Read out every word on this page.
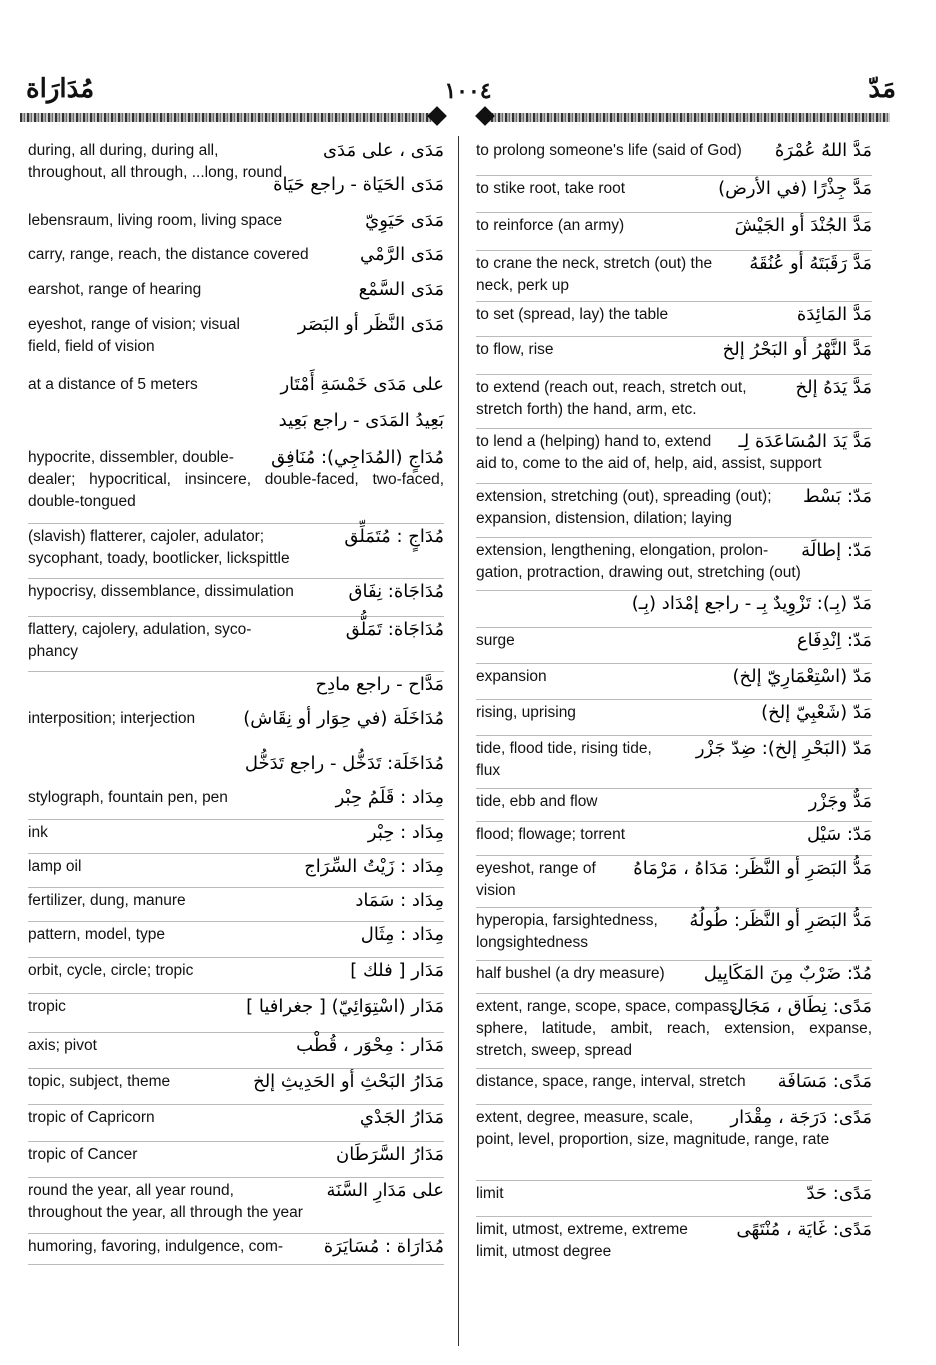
مُدَارَاة	١٠٠٤	مَدّ
مَدَى ، على مَدَى
during, all during, during all,
throughout, all through, ...long, round
مَدَى الحَيَاة - راجع حَيَاة
مَدَى حَيَوِيّ
lebensraum, living room, living space
مَدَى الرَّمْي
carry, range, reach, the distance covered
مَدَى السَّمْع
earshot, range of hearing
مَدَى النَّظَر أو البَصَر
eyeshot, range of vision; visual
field, field of vision
على مَدَى خَمْسَةِ أَمْتَار
at a distance of 5 meters
بَعِيدُ المَدَى - راجع بَعِيد
مُدَاجٍ (المُدَاجِي): مُنَافِق
hypocrite, dissembler, double-
dealer; hypocritical, insincere, double-faced, two-faced, double-tongued
مُدَاجٍ : مُتَمَلِّق
(slavish) flatterer, cajoler, adulator;
sycophant, toady, bootlicker, lickspittle
مُدَاجَاة: نِفَاق
hypocrisy, dissemblance, dissimulation
مُدَاجَاة: تَمَلُّق
flattery, cajolery, adulation, syco-
phancy
مَدَّاح - راجع مادِح
مُدَاخَلَة (في حِوَار أو نِقَاش)
interposition; interjection
مُدَاخَلَة: تَدَخُّل - راجع تَدَخُّل
مِدَاد : قَلَمُ حِبْر
stylograph, fountain pen, pen
مِدَاد : حِبْر
ink
مِدَاد : زَيْتُ السِّرَاج
lamp oil
مِدَاد : سَمَاد
fertilizer, dung, manure
مِدَاد : مِثَال
pattern, model, type
مَدَار [ فلك ]
orbit, cycle, circle; tropic
مَدَار (اسْتِوَائِيّ) [ جغرافيا ]
tropic
مَدَار : مِحْوَر ، قُطْب
axis; pivot
مَدَارُ البَحْثِ أو الحَدِيثِ إلخ
topic, subject, theme
مَدَارُ الجَدْي
tropic of Capricorn
مَدَارُ السَّرَطَان
tropic of Cancer
على مَدَارِ السَّنَة
round the year, all year round,
throughout the year, all through the year
مُدَارَاة : مُسَايَرَة
humoring, favoring, indulgence, com-
مَدَّ اللهُ عُمْرَهُ
to prolong someone's life (said of God)
مَدَّ جِذْرًا (في الأرض)
to stike root, take root
مَدَّ الجُنْدَ أو الجَيْشَ
to reinforce (an army)
مَدَّ رَقَبَتَهُ أو عُنُقَهُ
to crane the neck, stretch (out) the
neck, perk up
مَدَّ المَائِدَة
to set (spread, lay) the table
مَدَّ النَّهْرُ أو البَحْرُ إلخ
to flow, rise
مَدَّ يَدَهُ إلخ
to extend (reach out, reach, stretch out,
stretch forth) the hand, arm, etc.
مَدَّ يَدَ المُسَاعَدَة لِـ
to lend a (helping) hand to, extend
aid to, come to the aid of, help, aid, assist, support
مَدّ: بَسْط
extension, stretching (out), spreading (out);
expansion, distension, dilation; laying
مَدّ: إطالَة
extension, lengthening, elongation, prolon-
gation, protraction, drawing out, stretching (out)
مَدّ (بِـ): تَزْوِيدٌ بِـ - راجع إمْدَاد (بِـ)
مَدّ: اِنْدِفَاع
surge
مَدّ (اسْتِعْمَارِيّ إلخ)
expansion
مَدّ (شَعْبِيّ إلخ)
rising, uprising
مَدّ (البَحْرِ إلخ): ضِدّ جَزْر
tide, flood tide, rising tide,
flux
مَدٌّ وجَزْر
tide, ebb and flow
مَدّ: سَيْل
flood; flowage; torrent
مَدُّ البَصَرِ أو النَّظَر: مَدَاهُ ، مَرْمَاهُ
eyeshot, range of
vision
مَدُّ البَصَرِ أو النَّظَر: طُولُهُ
hyperopia, farsightedness,
longsightedness
مُدّ: ضَرْبٌ مِنَ المَكَايِيل
half bushel (a dry measure)
مَدًى: نِطَاق ، مَجَال
extent, range, scope, space, compass,
sphere, latitude, ambit, reach, extension, expanse, stretch, sweep, spread
مَدًى: مَسَافَة
distance, space, range, interval, stretch
مَدًى: دَرَجَة ، مِقْدَار
extent, degree, measure, scale,
point, level, proportion, size, magnitude, range, rate
مَدًى: حَدّ
limit
مَدًى: غَايَة ، مُنْتَهًى
limit, utmost, extreme, extreme
limit, utmost degree
